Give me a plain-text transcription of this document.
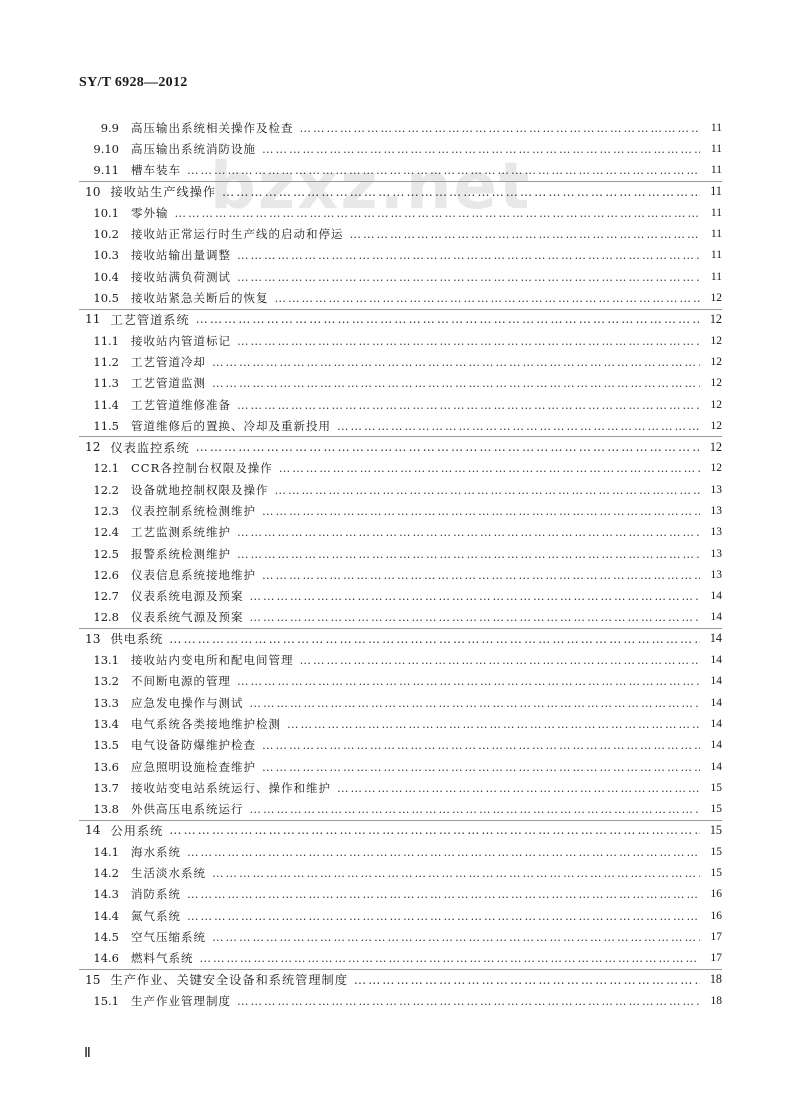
SY/T 6928—2012
bzxz.net
9.9	高压输出系统相关操作及检查 ………………………………………………………………………………………………………………………………………………………………………………………………	11
9.10	高压输出系统消防设施 ………………………………………………………………………………………………………………………………………………………………………………………………	11
9.11	槽车装车 ………………………………………………………………………………………………………………………………………………………………………………………………	11
10 接收站生产线操作 ………………………………………………………………………………………………………………………………………………………………………………………………	11
10.1	零外输 ………………………………………………………………………………………………………………………………………………………………………………………………	11
10.2	接收站正常运行时生产线的启动和停运 ………………………………………………………………………………………………………………………………………………………………………………………………	11
10.3	接收站输出量调整 ………………………………………………………………………………………………………………………………………………………………………………………………	11
10.4	接收站满负荷测试 ………………………………………………………………………………………………………………………………………………………………………………………………	11
10.5	接收站紧急关断后的恢复 ………………………………………………………………………………………………………………………………………………………………………………………………	12
11 工艺管道系统 ………………………………………………………………………………………………………………………………………………………………………………………………	12
11.1	接收站内管道标记 ………………………………………………………………………………………………………………………………………………………………………………………………	12
11.2	工艺管道冷却 ………………………………………………………………………………………………………………………………………………………………………………………………	12
11.3	工艺管道监测 ………………………………………………………………………………………………………………………………………………………………………………………………	12
11.4	工艺管道维修准备 ………………………………………………………………………………………………………………………………………………………………………………………………	12
11.5	管道维修后的置换、冷却及重新投用 ………………………………………………………………………………………………………………………………………………………………………………………………	12
12 仪表监控系统 ………………………………………………………………………………………………………………………………………………………………………………………………	12
12.1	CCR各控制台权限及操作 ………………………………………………………………………………………………………………………………………………………………………………………………	12
12.2	设备就地控制权限及操作 ………………………………………………………………………………………………………………………………………………………………………………………………	13
12.3	仪表控制系统检测维护 ………………………………………………………………………………………………………………………………………………………………………………………………	13
12.4	工艺监测系统维护 ………………………………………………………………………………………………………………………………………………………………………………………………	13
12.5	报警系统检测维护 ………………………………………………………………………………………………………………………………………………………………………………………………	13
12.6	仪表信息系统接地维护 ………………………………………………………………………………………………………………………………………………………………………………………………	13
12.7	仪表系统电源及预案 ………………………………………………………………………………………………………………………………………………………………………………………………	14
12.8	仪表系统气源及预案 ………………………………………………………………………………………………………………………………………………………………………………………………	14
13 供电系统 ………………………………………………………………………………………………………………………………………………………………………………………………	14
13.1	接收站内变电所和配电间管理 ………………………………………………………………………………………………………………………………………………………………………………………………	14
13.2	不间断电源的管理 ………………………………………………………………………………………………………………………………………………………………………………………………	14
13.3	应急发电操作与测试 ………………………………………………………………………………………………………………………………………………………………………………………………	14
13.4	电气系统各类接地维护检测 ………………………………………………………………………………………………………………………………………………………………………………………………	14
13.5	电气设备防爆维护检查 ………………………………………………………………………………………………………………………………………………………………………………………………	14
13.6	应急照明设施检查维护 ………………………………………………………………………………………………………………………………………………………………………………………………	14
13.7	接收站变电站系统运行、操作和维护 ………………………………………………………………………………………………………………………………………………………………………………………………	15
13.8	外供高压电系统运行 ………………………………………………………………………………………………………………………………………………………………………………………………	15
14 公用系统 ………………………………………………………………………………………………………………………………………………………………………………………………	15
14.1	海水系统 ………………………………………………………………………………………………………………………………………………………………………………………………	15
14.2	生活淡水系统 ………………………………………………………………………………………………………………………………………………………………………………………………	15
14.3	消防系统 ………………………………………………………………………………………………………………………………………………………………………………………………	16
14.4	氮气系统 ………………………………………………………………………………………………………………………………………………………………………………………………	16
14.5	空气压缩系统 ………………………………………………………………………………………………………………………………………………………………………………………………	17
14.6	燃料气系统 ………………………………………………………………………………………………………………………………………………………………………………………………	17
15 生产作业、关键安全设备和系统管理制度 ………………………………………………………………………………………………………………………………………………………………………………………………	18
15.1	生产作业管理制度 ………………………………………………………………………………………………………………………………………………………………………………………………	18
Ⅱ
